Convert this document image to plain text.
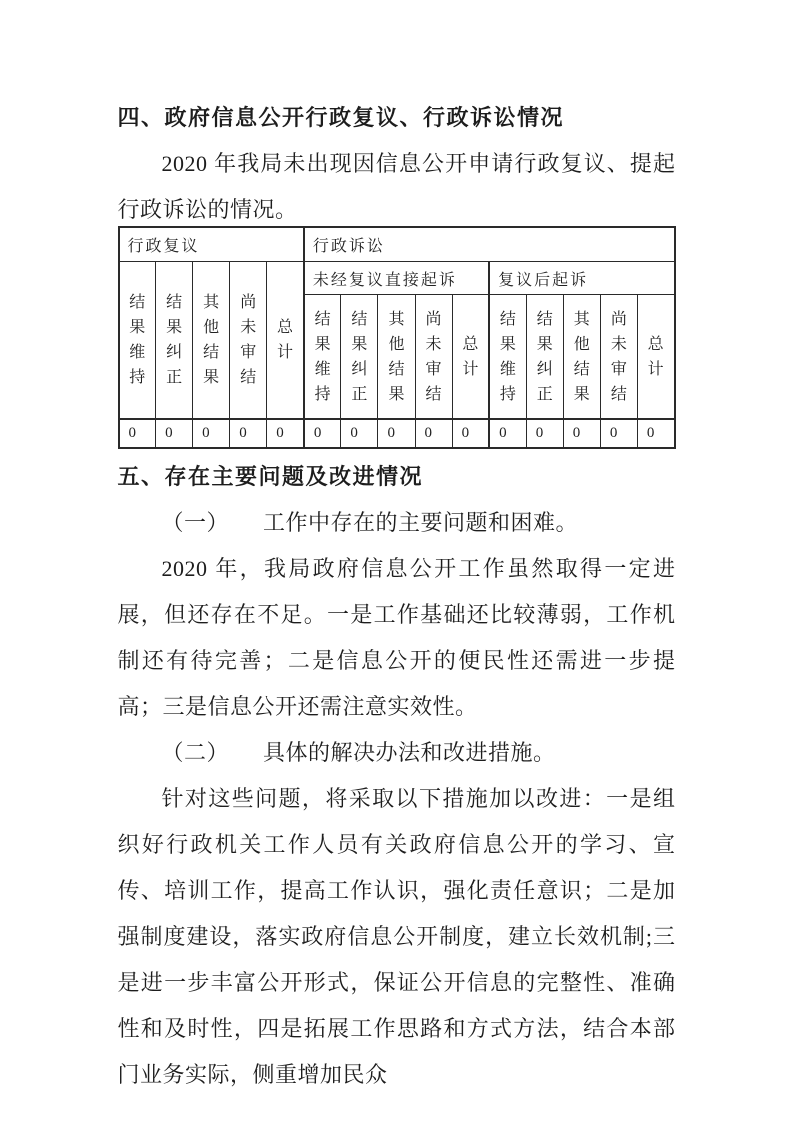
四、政府信息公开行政复议、行政诉讼情况

2020 年我局未出现因信息公开申请行政复议、提起行政诉讼的情况。

行政复议					行政诉讼									
结果维持	结果纠正	其他结果	尚未审结	总计	未经复议直接起诉					复议后起诉				
					结果维持	结果纠正	其他结果	尚未审结	总计	结果维持	结果纠正	其他结果	尚未审结	总计
0	0	0	0	0	0	0	0	0	0	0	0	0	0	0
五、存在主要问题及改进情况

（一）　　工作中存在的主要问题和困难。

2020 年，我局政府信息公开工作虽然取得一定进展，但还存在不足。一是工作基础还比较薄弱，工作机制还有待完善；二是信息公开的便民性还需进一步提高；三是信息公开还需注意实效性。

（二）　　具体的解决办法和改进措施。

针对这些问题，将采取以下措施加以改进：一是组织好行政机关工作人员有关政府信息公开的学习、宣传、培训工作，提高工作认识，强化责任意识；二是加强制度建设，落实政府信息公开制度，建立长效机制;三是进一步丰富公开形式，保证公开信息的完整性、准确性和及时性，四是拓展工作思路和方式方法，结合本部门业务实际，侧重增加民众
